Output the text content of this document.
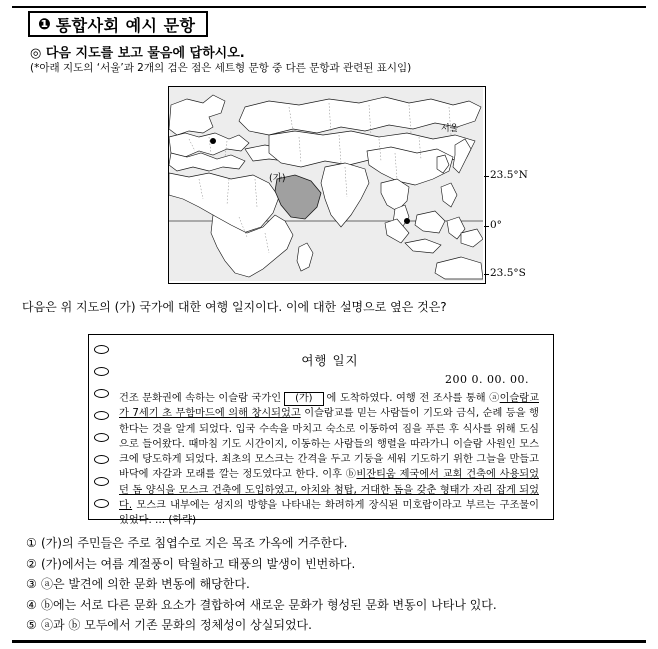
❶ 통합사회 예시 문항
◎ 다음 지도를 보고 물음에 답하시오.
(*아래 지도의 ‘서울’과 2개의 검은 점은 세트형 문항 중 다른 문항과 관련된 표시임)
서울
(가)	23.5°N
0°
23.5°S
다음은 위 지도의 (가) 국가에 대한 여행 일지이다. 이에 대한 설명으로 옆은 것은?
여행 일지
200 0. 00. 00.

건조 문화권에 속하는 이슬람 국가인 (가) 에 도착하였다. 여행 전 조사를 통해 ⓐ이슬람교가 7세기 초 무함마드에 의해 창시되었고 이슬람교를 믿는 사람들이 기도와 금식, 순례 등을 행한다는 것을 알게 되었다. 입국 수속을 마치고 숙소로 이동하여 짐을 푸른 후 식사를 위해 도심으로 들어왔다. 때마침 기도 시간이지, 이동하는 사람들의 행렬을 따라가니 이슬람 사원인 모스크에 당도하게 되었다. 최초의 모스크는 간격을 두고 기둥을 세워 기도하기 위한 그늘을 만들고 바닥에 자갈과 모래를 깔는 정도였다고 한다. 이후 ⓑ비잔티움 제국에서 교회 건축에 사용되었던 돔 양식을 모스크 건축에 도입하였고, 아치와 첨탑, 거대한 돔을 갖춘 형태가 자리 잡게 되었다. 모스크 내부에는 성지의 방향을 나타내는 화려하게 장식된 미호랍이라고 부르는 구조물이 있었다. … (하략)

① (가)의 주민들은 주로 침엽수로 지은 목조 가옥에 거주한다.
② (가)에서는 여름 계절풍이 탁월하고 태풍의 발생이 빈번하다.
③ ⓐ은 발견에 의한 문화 변동에 해당한다.
④ ⓑ에는 서로 다른 문화 요소가 결합하여 새로운 문화가 형성된 문화 변동이 나타나 있다.
⑤ ⓐ과 ⓑ 모두에서 기존 문화의 정체성이 상실되었다.
